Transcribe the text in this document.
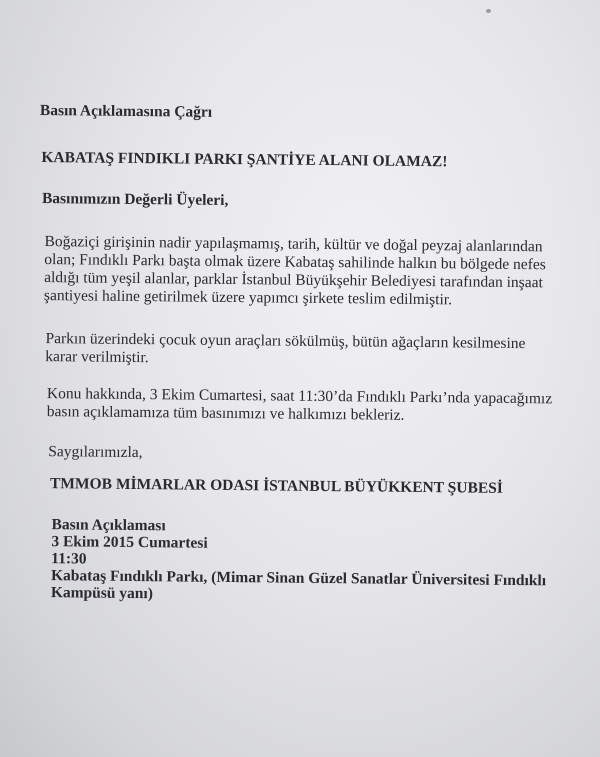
Basın Açıklamasına Çağrı
KABATAŞ FINDIKLI PARKI ŞANTİYE ALANI OLAMAZ!
Basınımızın Değerli Üyeleri,
Boğaziçi girişinin nadir yapılaşmamış, tarih, kültür ve doğal peyzaj alanlarından
olan; Fındıklı Parkı başta olmak üzere Kabataş sahilinde halkın bu bölgede nefes
aldığı tüm yeşil alanlar, parklar İstanbul Büyükşehir Belediyesi tarafından inşaat
şantiyesi haline getirilmek üzere yapımcı şirkete teslim edilmiştir.
Parkın üzerindeki çocuk oyun araçları sökülmüş, bütün ağaçların kesilmesine
karar verilmiştir.
Konu hakkında, 3 Ekim Cumartesi, saat 11:30’da Fındıklı Parkı’nda yapacağımız
basın açıklamamıza tüm basınımızı ve halkımızı bekleriz.
Saygılarımızla,
TMMOB MİMARLAR ODASI İSTANBUL BÜYÜKKENT ŞUBESİ
Basın Açıklaması
3 Ekim 2015 Cumartesi
11:30
Kabataş Fındıklı Parkı, (Mimar Sinan Güzel Sanatlar Üniversitesi Fındıklı
Kampüsü yanı)
